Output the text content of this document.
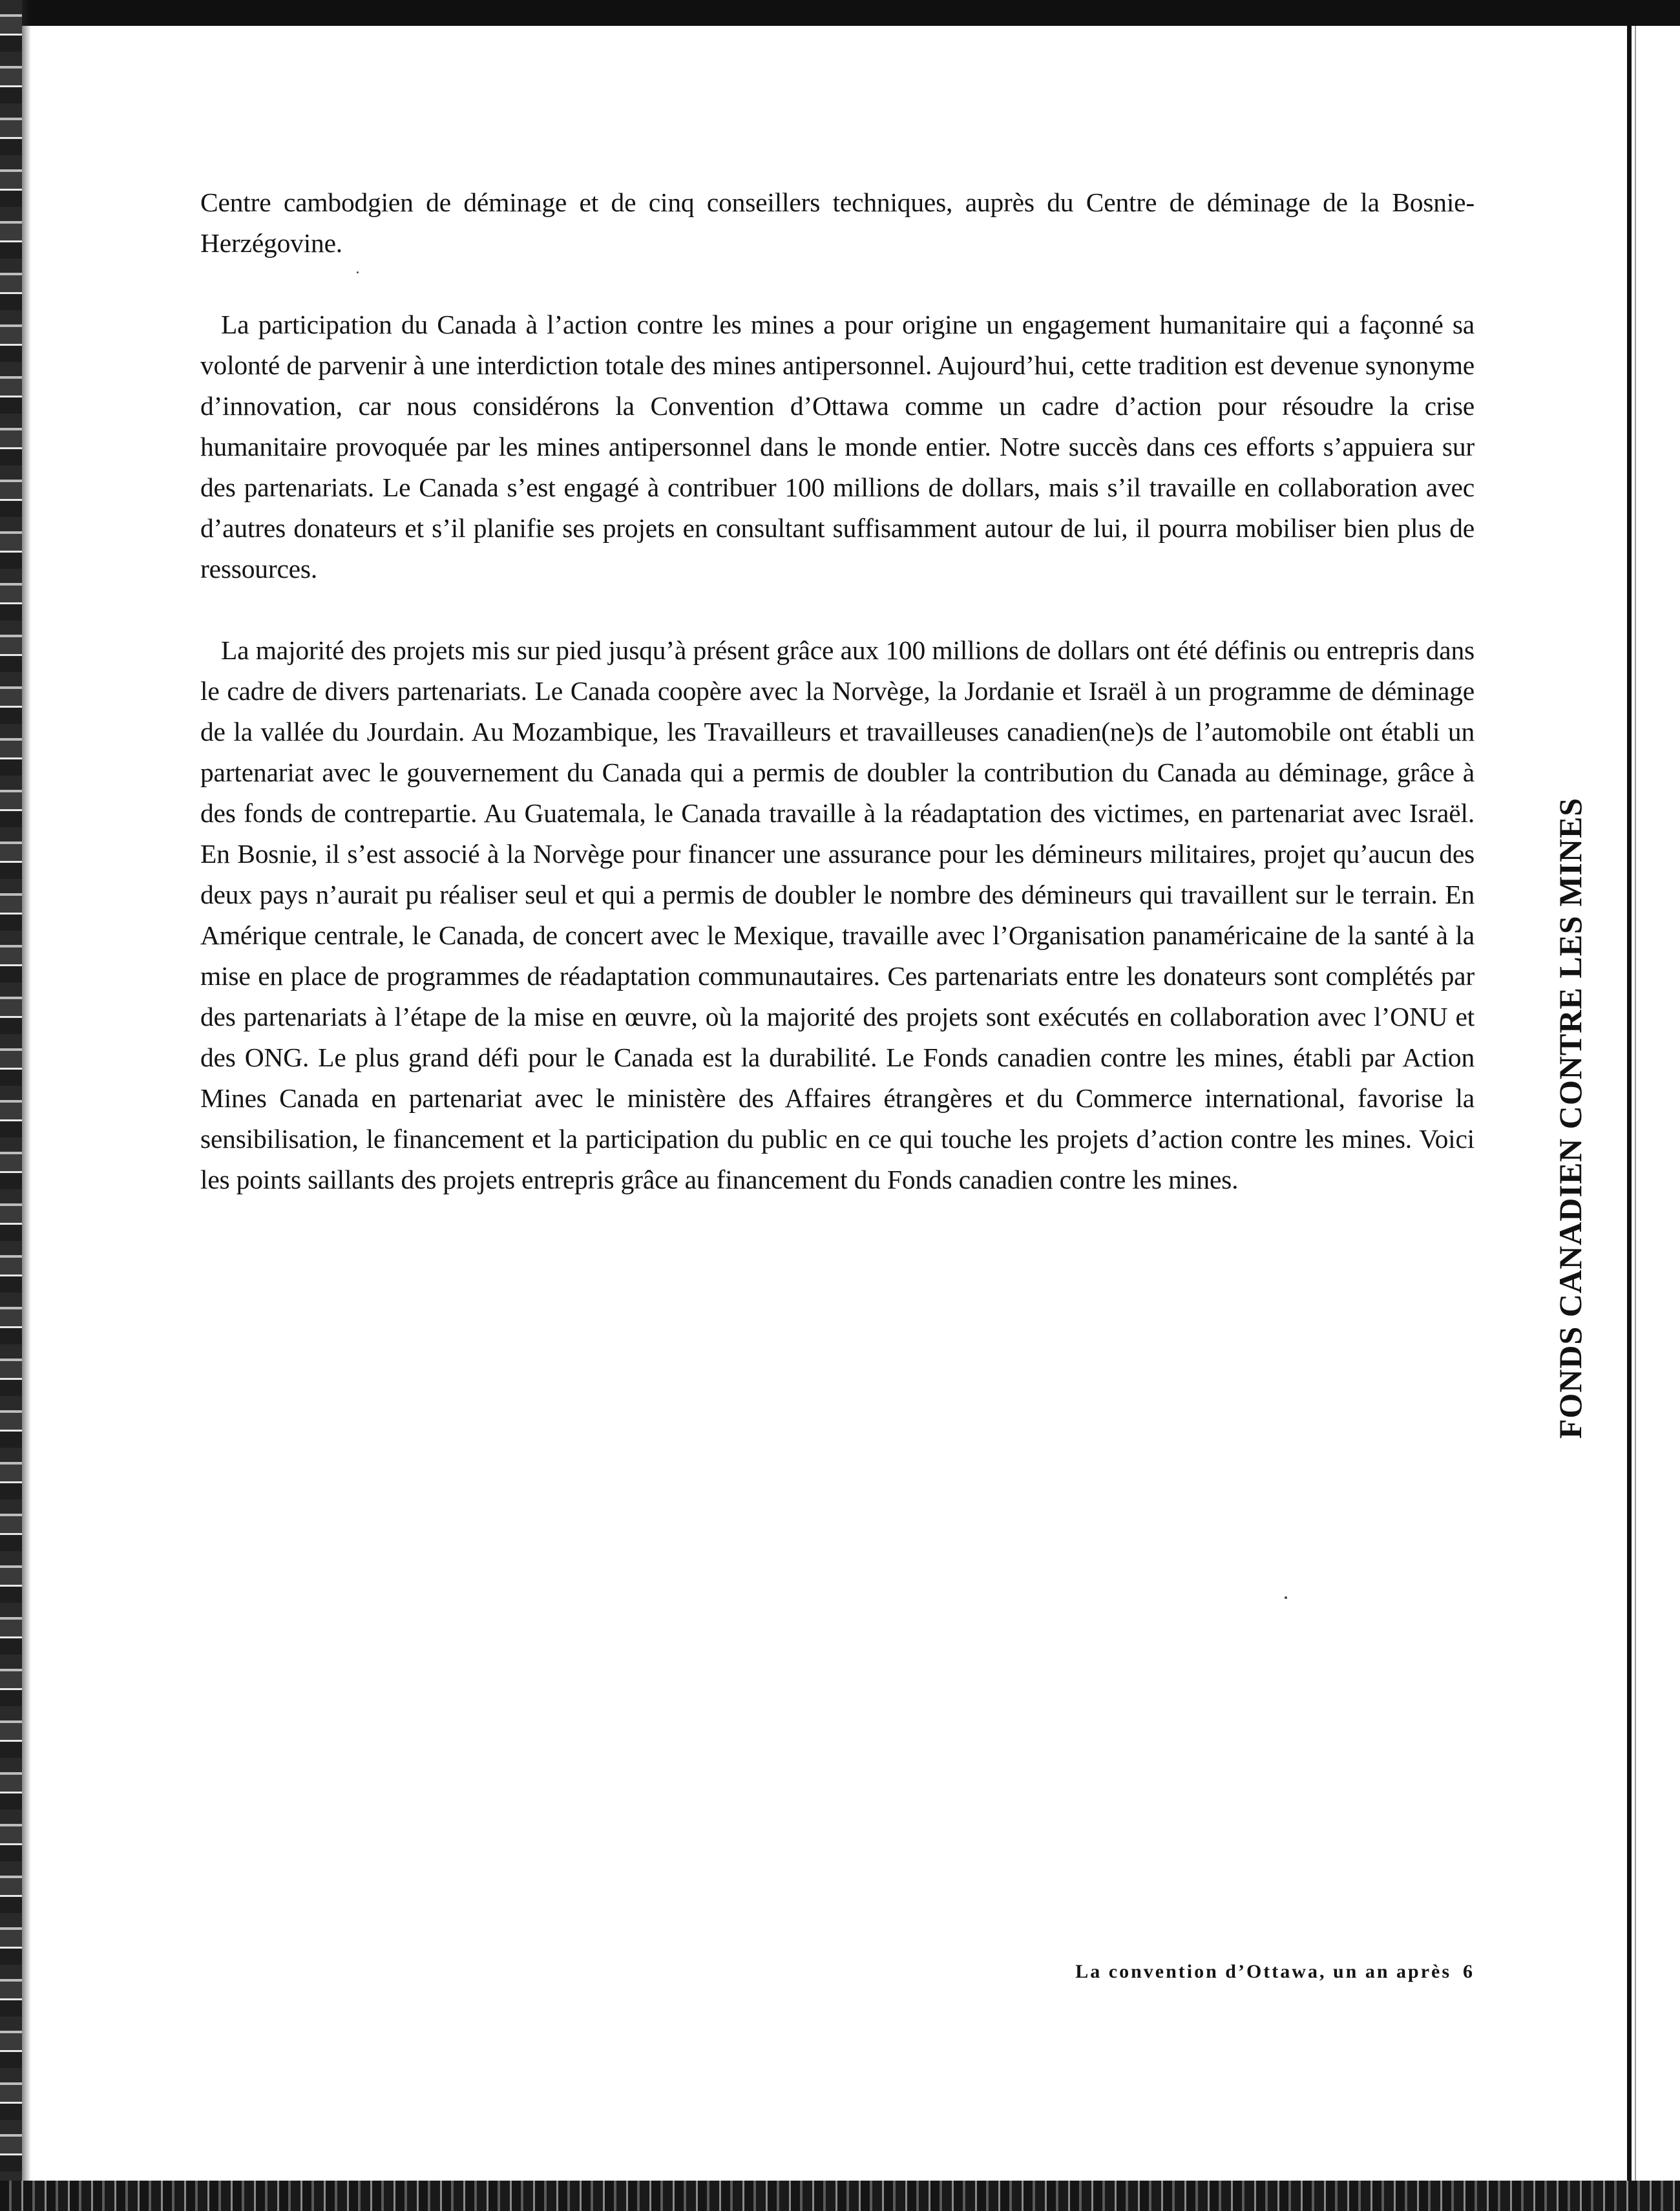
Centre cambodgien de déminage et de cinq conseillers techniques, auprès du Centre de déminage de la Bosnie-Herzégovine.

La participation du Canada à l’action contre les mines a pour origine un engagement humanitaire qui a façonné sa volonté de parvenir à une interdiction totale des mines antipersonnel. Aujourd’hui, cette tradition est devenue synonyme d’innovation, car nous considérons la Convention d’Ottawa comme un cadre d’action pour résoudre la crise humanitaire provoquée par les mines antipersonnel dans le monde entier. Notre succès dans ces efforts s’appuiera sur des partenariats. Le Canada s’est engagé à contribuer 100 millions de dollars, mais s’il travaille en collaboration avec d’autres donateurs et s’il planifie ses projets en consultant suffisamment autour de lui, il pourra mobiliser bien plus de ressources.

La majorité des projets mis sur pied jusqu’à présent grâce aux 100 millions de dollars ont été définis ou entrepris dans le cadre de divers partenariats. Le Canada coopère avec la Norvège, la Jordanie et Israël à un programme de déminage de la vallée du Jourdain. Au Mozambique, les Travailleurs et travailleuses canadien(ne)s de l’automobile ont établi un partenariat avec le gouvernement du Canada qui a permis de doubler la contribution du Canada au déminage, grâce à des fonds de contrepartie. Au Guatemala, le Canada travaille à la réadaptation des victimes, en partenariat avec Israël. En Bosnie, il s’est associé à la Norvège pour financer une assurance pour les démineurs militaires, projet qu’aucun des deux pays n’aurait pu réaliser seul et qui a permis de doubler le nombre des démineurs qui travaillent sur le terrain. En Amérique centrale, le Canada, de concert avec le Mexique, travaille avec l’Organisation panaméricaine de la santé à la mise en place de programmes de réadaptation communautaires. Ces partenariats entre les donateurs sont complétés par des partenariats à l’étape de la mise en œuvre, où la majorité des projets sont exécutés en collaboration avec l’ONU et des ONG. Le plus grand défi pour le Canada est la durabilité. Le Fonds canadien contre les mines, établi par Action Mines Canada en partenariat avec le ministère des Affaires étrangères et du Commerce international, favorise la sensibilisation, le financement et la participation du public en ce qui touche les projets d’action contre les mines. Voici les points saillants des projets entrepris grâce au financement du Fonds canadien contre les mines.	FONDS CANADIEN CONTRE LES MINES
La convention d’Ottawa, un an après 6
